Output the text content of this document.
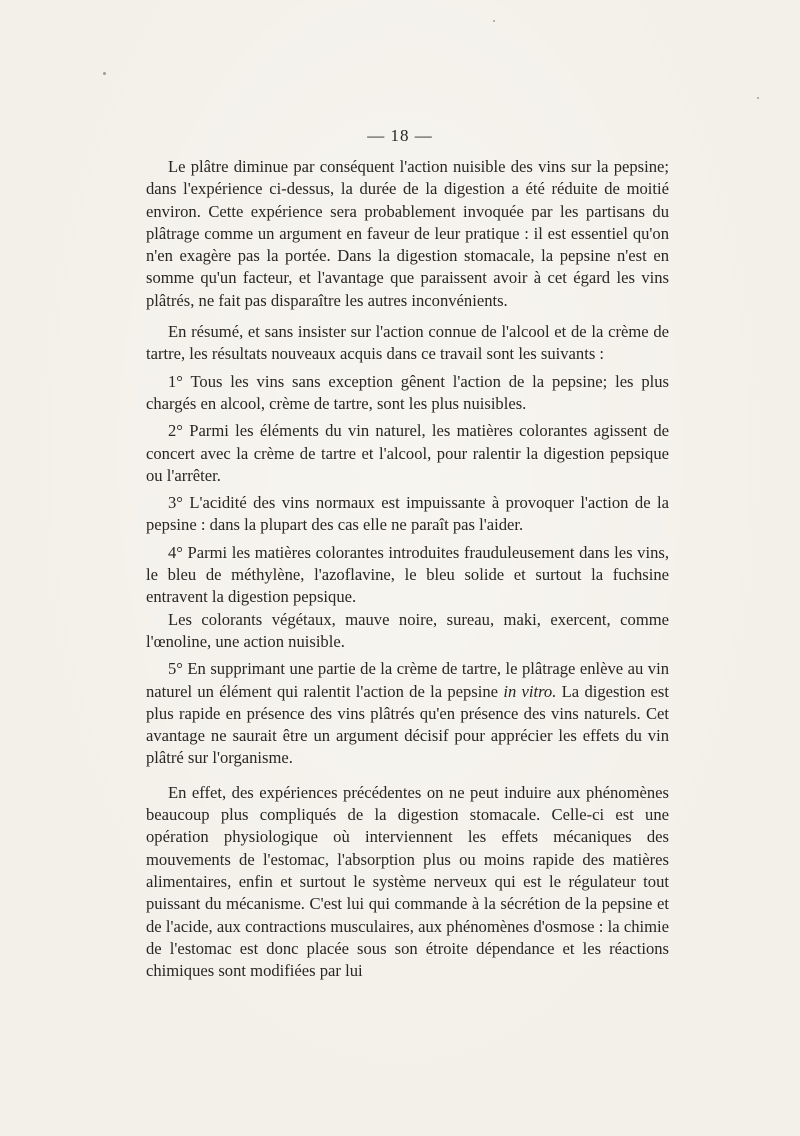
— 18 —

Le plâtre diminue par conséquent l'action nuisible des vins sur la pepsine; dans l'expérience ci-dessus, la durée de la digestion a été réduite de moitié environ. Cette expérience sera probablement invoquée par les partisans du plâtrage comme un argument en faveur de leur pratique : il est essentiel qu'on n'en exagère pas la portée. Dans la digestion stomacale, la pepsine n'est en somme qu'un facteur, et l'avantage que paraissent avoir à cet égard les vins plâtrés, ne fait pas disparaître les autres inconvénients.

En résumé, et sans insister sur l'action connue de l'alcool et de la crème de tartre, les résultats nouveaux acquis dans ce travail sont les suivants :

1° Tous les vins sans exception gênent l'action de la pepsine; les plus chargés en alcool, crème de tartre, sont les plus nuisibles.

2° Parmi les éléments du vin naturel, les matières colorantes agissent de concert avec la crème de tartre et l'alcool, pour ralentir la digestion pepsique ou l'arrêter.

3° L'acidité des vins normaux est impuissante à provoquer l'action de la pepsine : dans la plupart des cas elle ne paraît pas l'aider.

4° Parmi les matières colorantes introduites frauduleusement dans les vins, le bleu de méthylène, l'azoflavine, le bleu solide et surtout la fuchsine entravent la digestion pepsique.

Les colorants végétaux, mauve noire, sureau, maki, exercent, comme l'œnoline, une action nuisible.

5° En supprimant une partie de la crème de tartre, le plâtrage enlève au vin naturel un élément qui ralentit l'action de la pepsine in vitro. La digestion est plus rapide en présence des vins plâtrés qu'en présence des vins naturels. Cet avantage ne saurait être un argument décisif pour apprécier les effets du vin plâtré sur l'organisme.

En effet, des expériences précédentes on ne peut induire aux phénomènes beaucoup plus compliqués de la digestion stomacale. Celle-ci est une opération physiologique où interviennent les effets mécaniques des mouvements de l'estomac, l'absorption plus ou moins rapide des matières alimentaires, enfin et surtout le système nerveux qui est le régulateur tout puissant du mécanisme. C'est lui qui commande à la sécrétion de la pepsine et de l'acide, aux contractions musculaires, aux phénomènes d'osmose : la chimie de l'estomac est donc placée sous son étroite dépendance et les réactions chimiques sont modifiées par lui
